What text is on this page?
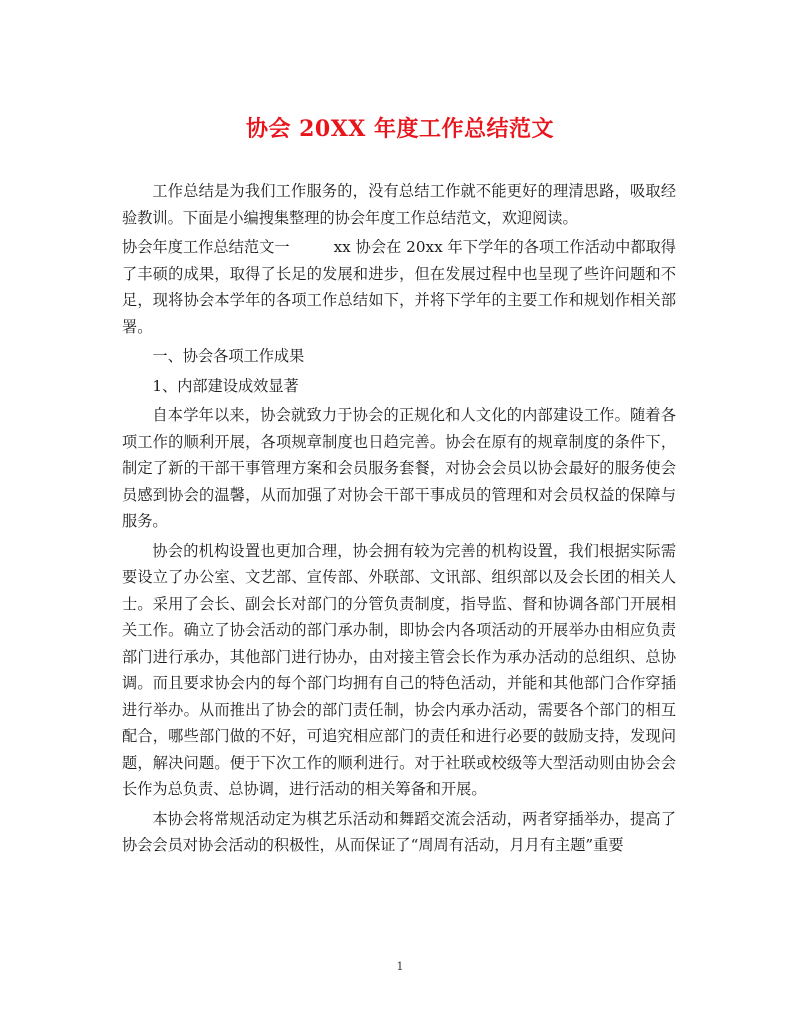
协会 20XX 年度工作总结范文

工作总结是为我们工作服务的，没有总结工作就不能更好的理清思路，吸取经验教训。下面是小编搜集整理的协会年度工作总结范文，欢迎阅读。

协会年度工作总结范文一	xx 协会在 20xx 年下学年的各项工作活动中都取得了丰硕的成果，取得了长足的发展和进步，但在发展过程中也呈现了些许问题和不足，现将协会本学年的各项工作总结如下，并将下学年的主要工作和规划作相关部署。

一、协会各项工作成果

1、内部建设成效显著

自本学年以来，协会就致力于协会的正规化和人文化的内部建设工作。随着各项工作的顺利开展，各项规章制度也日趋完善。协会在原有的规章制度的条件下，制定了新的干部干事管理方案和会员服务套餐，对协会会员以协会最好的服务使会员感到协会的温馨，从而加强了对协会干部干事成员的管理和对会员权益的保障与服务。

协会的机构设置也更加合理，协会拥有较为完善的机构设置，我们根据实际需要设立了办公室、文艺部、宣传部、外联部、文讯部、组织部以及会长团的相关人士。采用了会长、副会长对部门的分管负责制度，指导监、督和协调各部门开展相关工作。确立了协会活动的部门承办制，即协会内各项活动的开展举办由相应负责部门进行承办，其他部门进行协办，由对接主管会长作为承办活动的总组织、总协调。而且要求协会内的每个部门均拥有自己的特色活动，并能和其他部门合作穿插进行举办。从而推出了协会的部门责任制，协会内承办活动，需要各个部门的相互配合，哪些部门做的不好，可追究相应部门的责任和进行必要的鼓励支持，发现问题，解决问题。便于下次工作的顺利进行。对于社联或校级等大型活动则由协会会长作为总负责、总协调，进行活动的相关筹备和开展。

本协会将常规活动定为棋艺乐活动和舞蹈交流会活动，两者穿插举办，提高了协会会员对协会活动的积极性，从而保证了“周周有活动，月月有主题”重要

1
